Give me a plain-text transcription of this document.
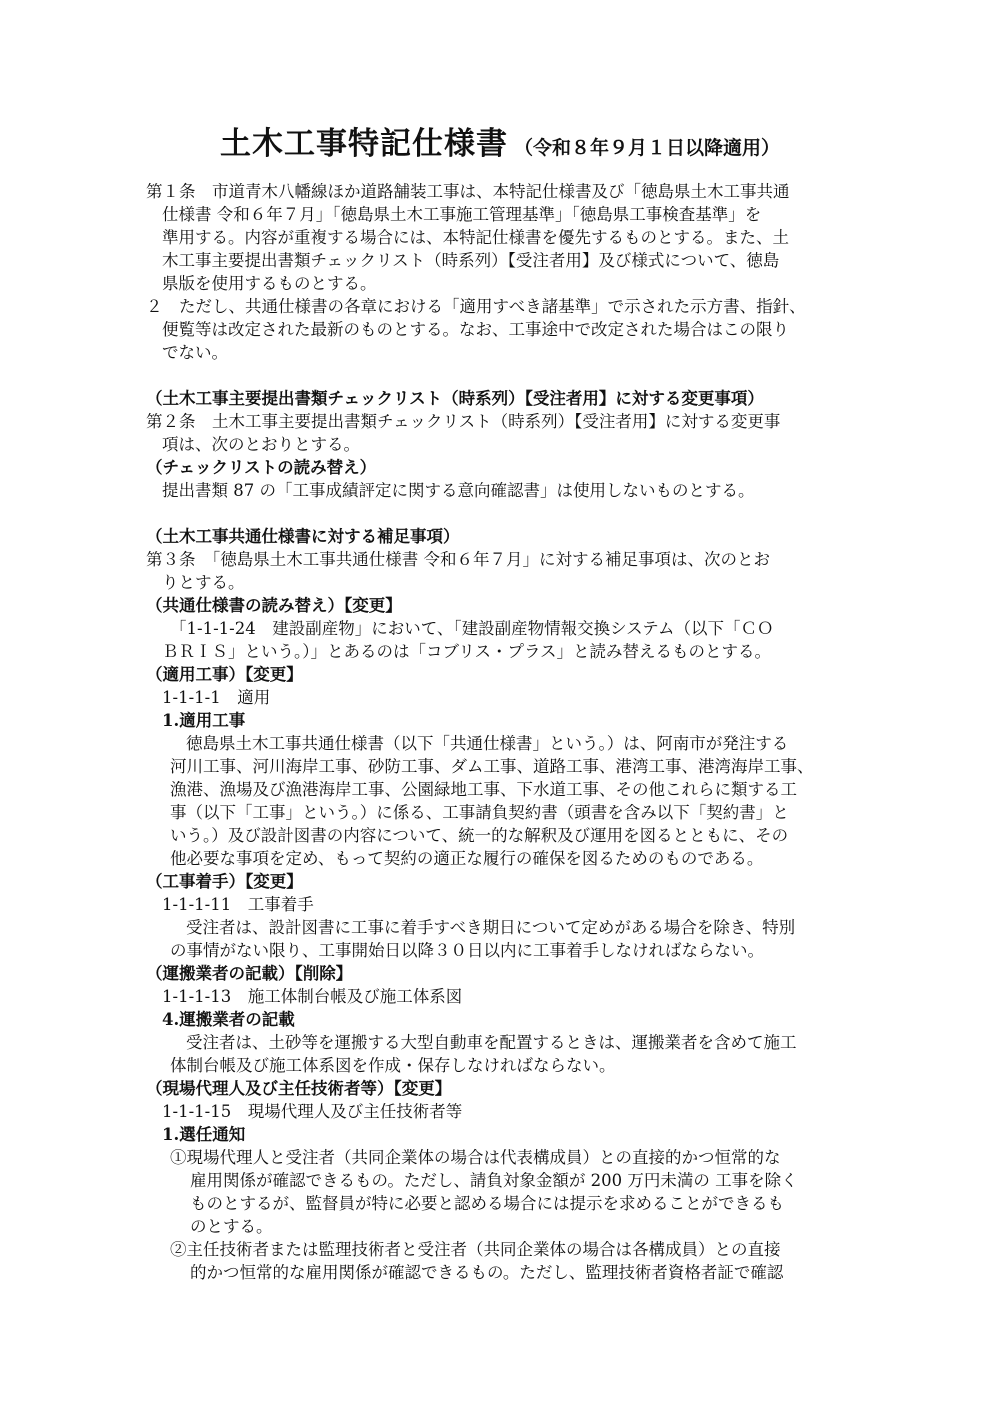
土木工事特記仕様書 （令和８年９月１日以降適用）
第１条　市道青木八幡線ほか道路舗装工事は、本特記仕様書及び「徳島県土木工事共通
仕様書 令和６年７月」「徳島県土木工事施工管理基準」「徳島県工事検査基準」を
準用する。内容が重複する場合には、本特記仕様書を優先するものとする。また、土
木工事主要提出書類チェックリスト（時系列）【受注者用】及び様式について、徳島
県版を使用するものとする。
２　ただし、共通仕様書の各章における「適用すべき諸基準」で示された示方書、指針、
便覧等は改定された最新のものとする。なお、工事途中で改定された場合はこの限り
でない。
（土木工事主要提出書類チェックリスト（時系列）【受注者用】に対する変更事項）
第２条　土木工事主要提出書類チェックリスト（時系列）【受注者用】に対する変更事
項は、次のとおりとする。
（チェックリストの読み替え）
提出書類 87 の「工事成績評定に関する意向確認書」は使用しないものとする。
（土木工事共通仕様書に対する補足事項）
第３条　「徳島県土木工事共通仕様書 令和６年７月」に対する補足事項は、次のとお
りとする。
（共通仕様書の読み替え）【変更】
「1-1-1-24　建設副産物」において、「建設副産物情報交換システム（以下「ＣＯ
ＢＲＩＳ」という。）」とあるのは「コブリス・プラス」と読み替えるものとする。
（適用工事）【変更】
1-1-1-1　適用
1.適用工事
徳島県土木工事共通仕様書（以下「共通仕様書」という。）は、阿南市が発注する
河川工事、河川海岸工事、砂防工事、ダム工事、道路工事、港湾工事、港湾海岸工事、
漁港、漁場及び漁港海岸工事、公園緑地工事、下水道工事、その他これらに類する工
事（以下「工事」という。）に係る、工事請負契約書（頭書を含み以下「契約書」と
いう。）及び設計図書の内容について、統一的な解釈及び運用を図るとともに、その
他必要な事項を定め、もって契約の適正な履行の確保を図るためのものである。
（工事着手）【変更】
1-1-1-11　工事着手
受注者は、設計図書に工事に着手すべき期日について定めがある場合を除き、特別
の事情がない限り、工事開始日以降３０日以内に工事着手しなければならない。
（運搬業者の記載）【削除】
1-1-1-13　施工体制台帳及び施工体系図
4.運搬業者の記載
受注者は、土砂等を運搬する大型自動車を配置するときは、運搬業者を含めて施工
体制台帳及び施工体系図を作成・保存しなければならない。
（現場代理人及び主任技術者等）【変更】
1-1-1-15　現場代理人及び主任技術者等
1.選任通知
①現場代理人と受注者（共同企業体の場合は代表構成員）との直接的かつ恒常的な
雇用関係が確認できるもの。ただし、請負対象金額が 200 万円未満の 工事を除く
ものとするが、監督員が特に必要と認める場合には提示を求めることができるも
のとする。
②主任技術者または監理技術者と受注者（共同企業体の場合は各構成員）との直接
的かつ恒常的な雇用関係が確認できるもの。ただし、監理技術者資格者証で確認
